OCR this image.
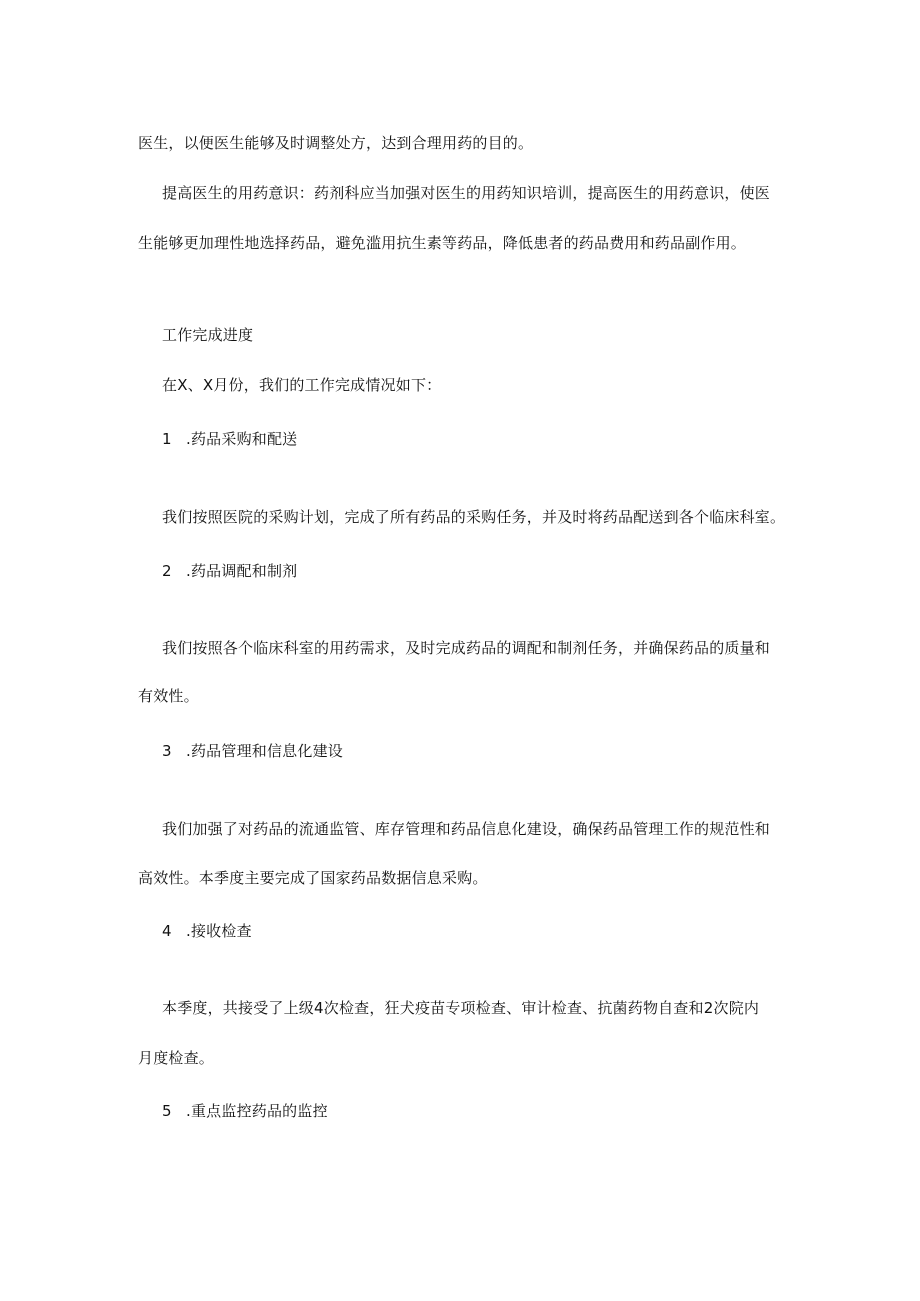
医生，以便医生能够及时调整处方，达到合理用药的目的。
提高医生的用药意识：药剂科应当加强对医生的用药知识培训，提高医生的用药意识，使医
生能够更加理性地选择药品，避免滥用抗生素等药品，降低患者的药品费用和药品副作用。
工作完成进度
在X、X月份，我们的工作完成情况如下：
1 .药品采购和配送
我们按照医院的采购计划，完成了所有药品的采购任务，并及时将药品配送到各个临床科室。
2 .药品调配和制剂
我们按照各个临床科室的用药需求，及时完成药品的调配和制剂任务，并确保药品的质量和
有效性。
3 .药品管理和信息化建设
我们加强了对药品的流通监管、库存管理和药品信息化建设，确保药品管理工作的规范性和
高效性。本季度主要完成了国家药品数据信息采购。
4 .接收检查
本季度，共接受了上级4次检查，狂犬疫苗专项检查、审计检查、抗菌药物自查和2次院内
月度检查。
5 .重点监控药品的监控
